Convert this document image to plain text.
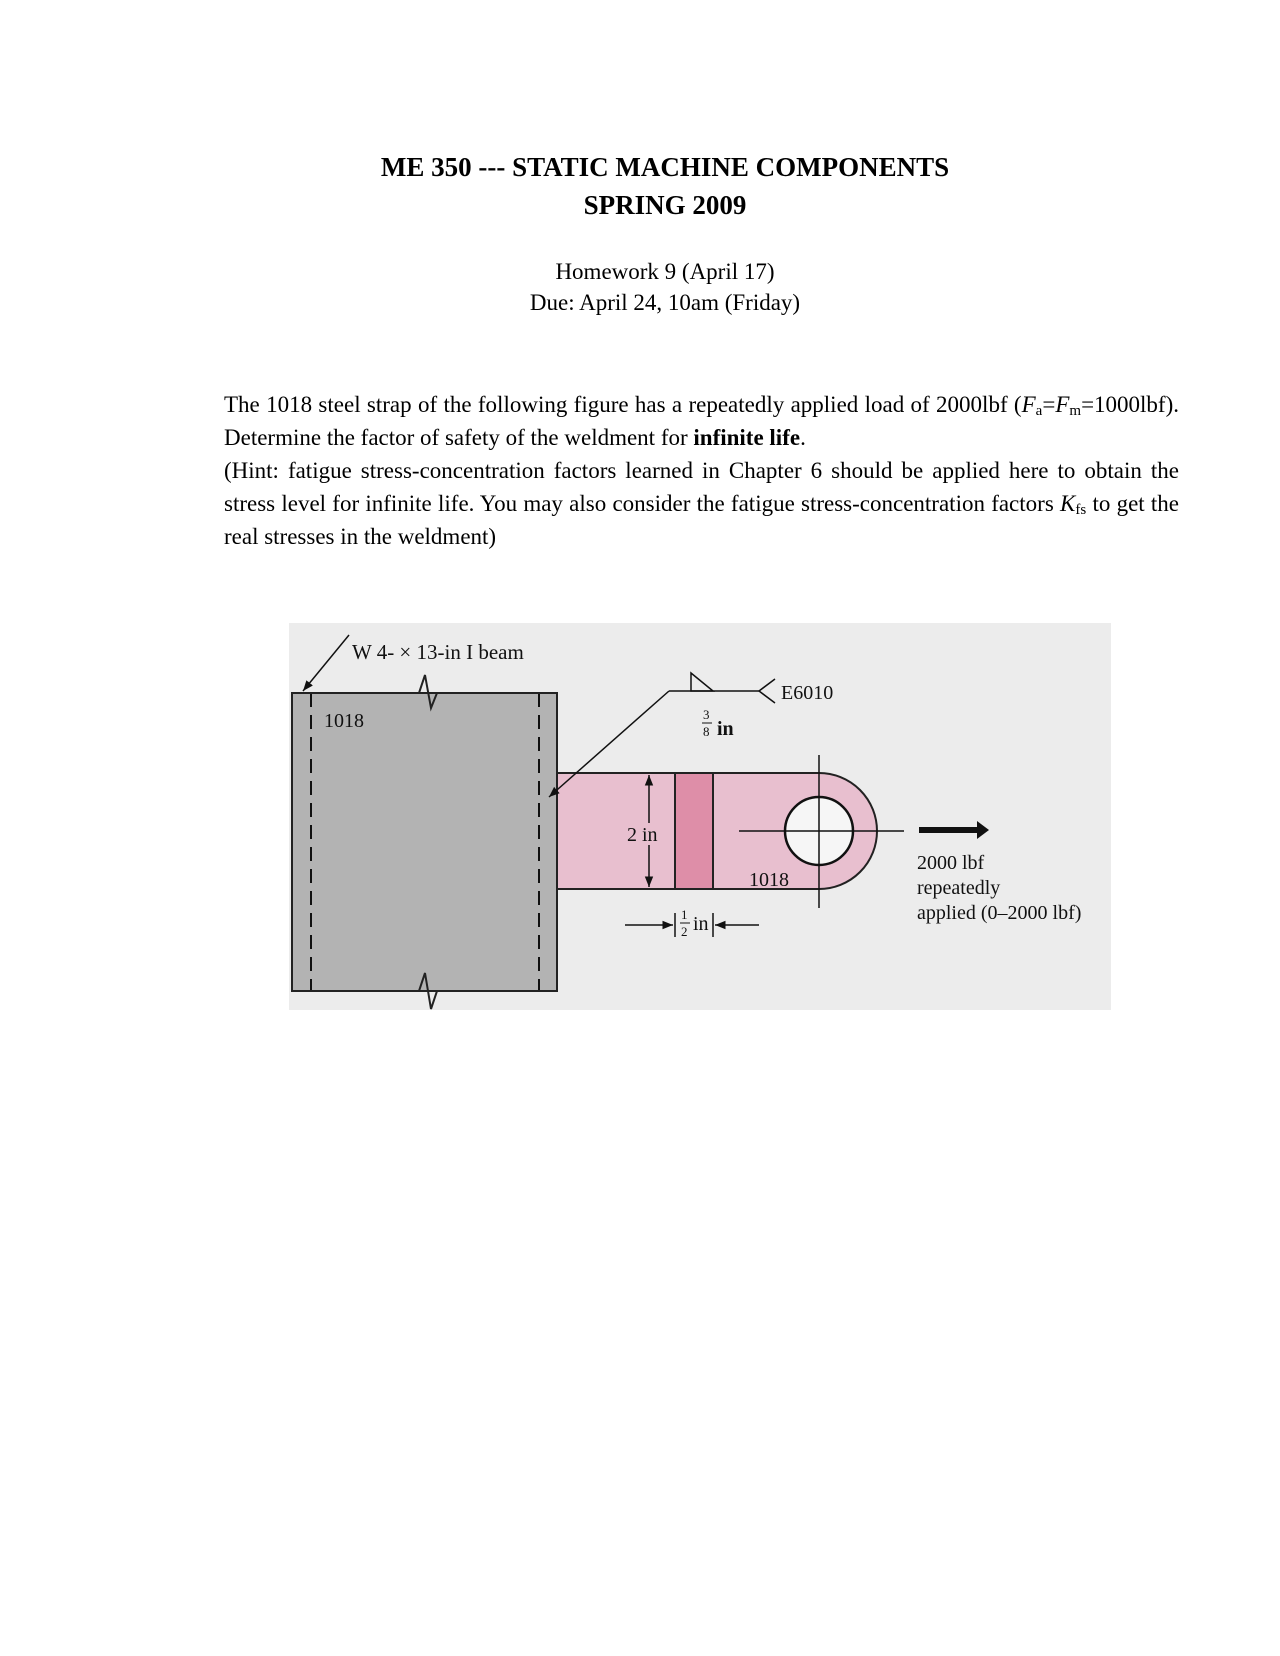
ME 350 --- STATIC MACHINE COMPONENTS
SPRING 2009
Homework 9 (April 17)
Due: April 24, 10am (Friday)

The 1018 steel strap of the following figure has a repeatedly applied load of 2000lbf $(F_a=F_m=1000lbf)$. Determine the factor of safety of the weldment for infinite life.

(Hint: fatigue stress-concentration factors learned in Chapter 6 should be applied here to obtain the stress level for infinite life. You may also consider the fatigue stress-concentration factors $K_{fs}$ to get the real stresses in the weldment)

W 4- × 13-in I beam
1018
1018
2 in
1
2 in
E6010
3
8 in
2000 lbf
repeatedly
applied (0–2000 lbf)
